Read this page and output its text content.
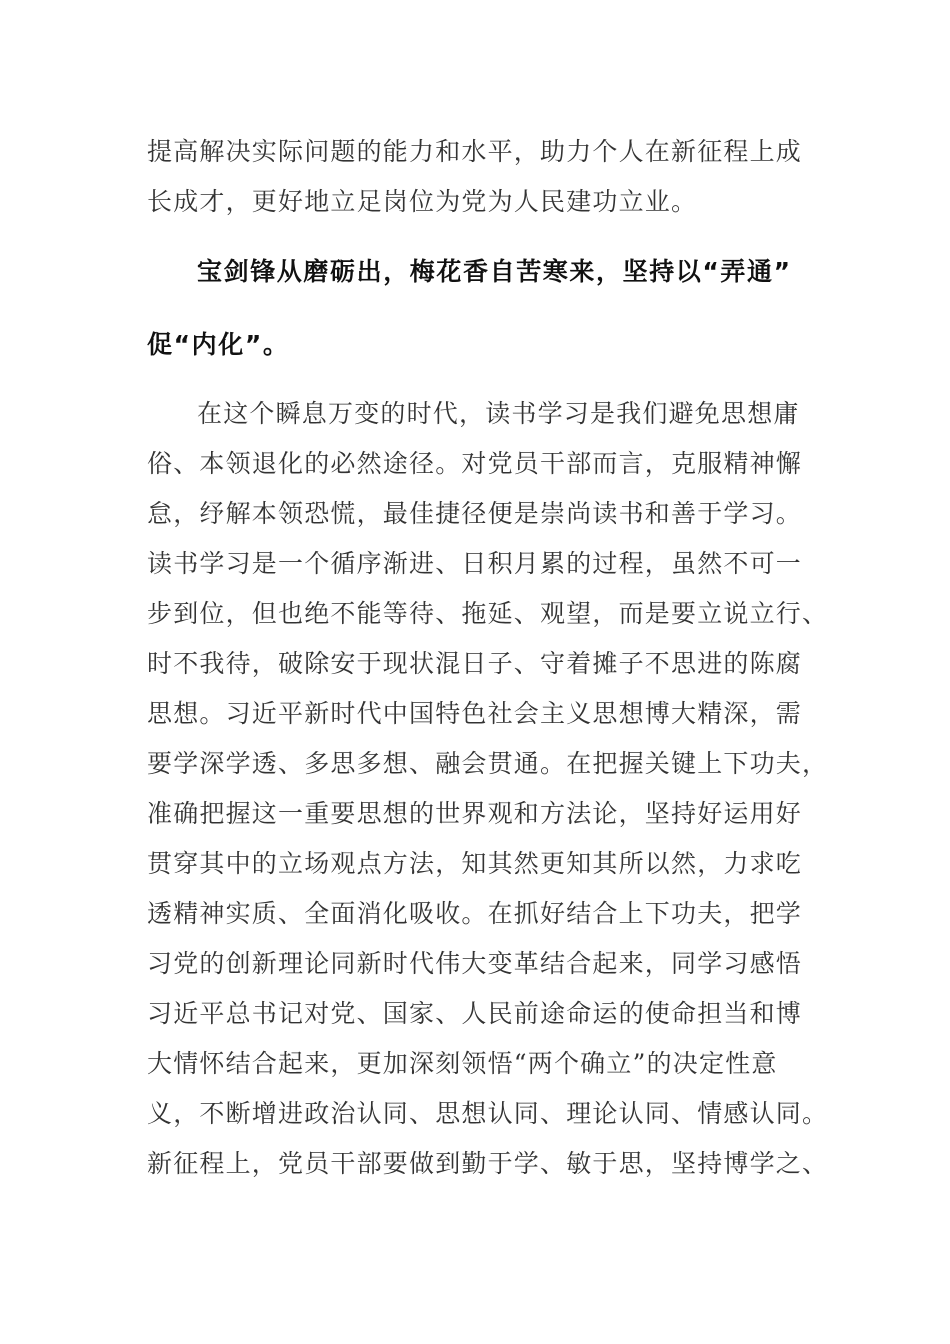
提高解决实际问题的能力和水平，助力个人在新征程上成
长成才，更好地立足岗位为党为人民建功立业。
宝剑锋从磨砺出，梅花香自苦寒来，坚持以“弄通”
促“内化”。
在这个瞬息万变的时代，读书学习是我们避免思想庸
俗、本领退化的必然途径。对党员干部而言，克服精神懈
怠，纾解本领恐慌，最佳捷径便是崇尚读书和善于学习。
读书学习是一个循序渐进、日积月累的过程，虽然不可一
步到位，但也绝不能等待、拖延、观望，而是要立说立行、
时不我待，破除安于现状混日子、守着摊子不思进的陈腐
思想。习近平新时代中国特色社会主义思想博大精深，需
要学深学透、多思多想、融会贯通。在把握关键上下功夫，
准确把握这一重要思想的世界观和方法论，坚持好运用好
贯穿其中的立场观点方法，知其然更知其所以然，力求吃
透精神实质、全面消化吸收。在抓好结合上下功夫，把学
习党的创新理论同新时代伟大变革结合起来，同学习感悟
习近平总书记对党、国家、人民前途命运的使命担当和博
大情怀结合起来，更加深刻领悟“两个确立”的决定性意
义，不断增进政治认同、思想认同、理论认同、情感认同。
新征程上，党员干部要做到勤于学、敏于思，坚持博学之、
